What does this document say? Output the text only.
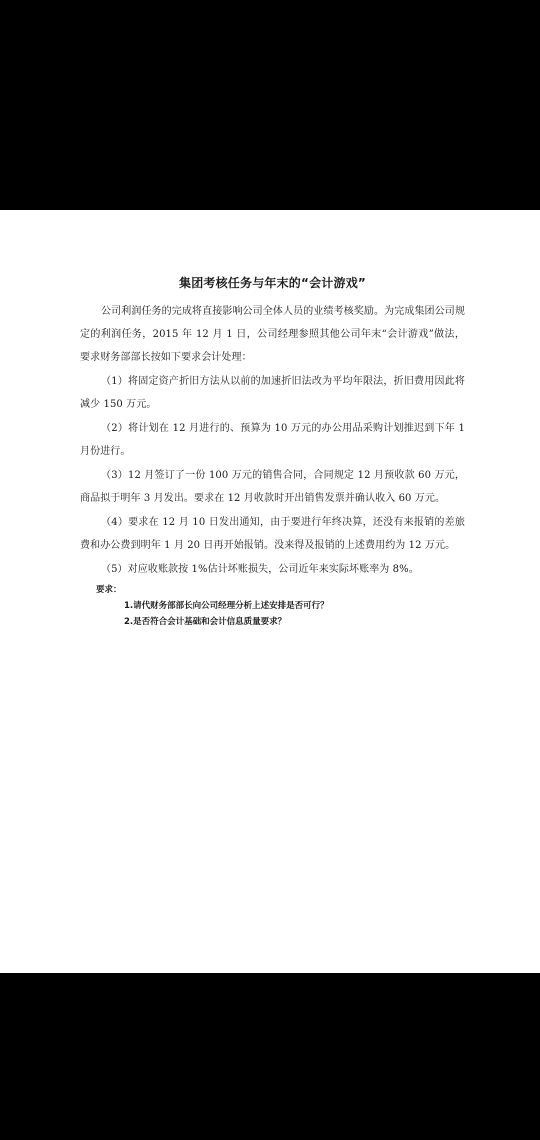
集团考核任务与年末的“会计游戏”

公司利润任务的完成将直接影响公司全体人员的业绩考核奖励。为完成集团公司规定的利润任务，2015 年 12 月 1 日，公司经理参照其他公司年末“会计游戏”做法，要求财务部部长按如下要求会计处理：

（1）将固定资产折旧方法从以前的加速折旧法改为平均年限法，折旧费用因此将减少 150 万元。

（2）将计划在 12 月进行的、预算为 10 万元的办公用品采购计划推迟到下年 1 月份进行。

（3）12 月签订了一份 100 万元的销售合同，合同规定 12 月预收款 60 万元，商品拟于明年 3 月发出。要求在 12 月收款时开出销售发票并确认收入 60 万元。

（4）要求在 12 月 10 日发出通知，由于要进行年终决算，还没有来报销的差旅费和办公费到明年 1 月 20 日再开始报销。没来得及报销的上述费用约为 12 万元。

（5）对应收账款按 1%估计坏账损失，公司近年来实际坏账率为 8%。

要求：
1.请代财务部部长向公司经理分析上述安排是否可行？
2.是否符合会计基础和会计信息质量要求？
